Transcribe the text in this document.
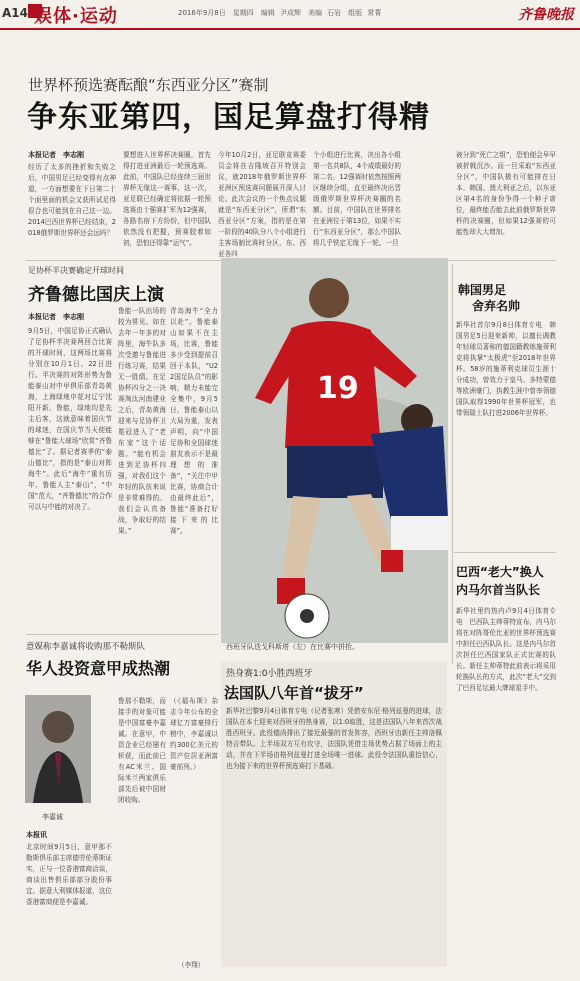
A14 娱体·运动	2016年9月8日　星期四　编辑 尹成辉　美编 石岩　组版 常菁	齐鲁晚报
世界杯预选赛酝酿“东西亚分区”赛制
争东亚第四，国足算盘打得精
本报记者　李志刚
经历了太多的挫折和失败之后，中国男足已经变得有点神道，一方面想要在下日第二十个面里面的机会又获所试足得很合也可能到在自己这一边。2014巴西世界杯已经结束，2018俄罗斯世界杯还会远吗？
要想进入世界杯决赛圈，首先得打进亚洲最后一轮预选赛。此前，中国队已经连续三届世界杯无缘这一赛事，这一次，亚足联已经确定将依据一轮预选赛由十强赛扩军为12强赛，各路名宿下方纷纷，但中国队依然没有把握，预赛胶着如初，恐怕还得靠“运气”。
今年10月2日，亚足联竞赛委员会将在吉隆坡召开特别会议，就2018年俄罗斯世界杯亚洲区预选赛问题展开深入讨论。此次会议的一个焦点议题就是“东西亚分区”，所谓“东西亚分区”方案，指的是在第一阶段的40队分八个小组进行主客场制比赛时分区，东、西亚各四
个小组进行比赛，决出各小组第一名共8队，4个成绩最好的第二名，12强赛时依然按照两区继续分组，直至最终决出晋级俄罗斯世界杯决赛圈的名额。目前，中国队在世界排名在亚洲位于第13位，如果不实行“东西亚分区”，那么中国队将几乎铁定无缘下一轮。一旦
被分到“死亡之组”，恐怕便会早早被折戟沉沙。而一旦采取“东西亚分区”，中国队极有可能排在日本、韩国、澳大利亚之后，以东亚区第4名的身份争得一个种子席位，最终能否能去此前俄罗斯世界杯的决赛圈，但如果12强赛的可能性却大大增加。
足协杯半决赛确定开球时间
齐鲁德比国庆上演
本报记者　李志刚
9月5日，中国足协正式确认了足协杯半决赛两回合比赛的开球时间，这两场比赛将分别在10月1日、22日进行。半决赛的对阵形势为鲁能泰山对中甲俱乐部青岛黄海，上海绿地申花对辽宁沈阳开新。鲁能，绿地均是先主后客，这就意味着国庆节的球迷，在国庆节当天便能够在“鲁能大球场”欣赏“齐鲁德比”了。据记者赛季的“泰山德比”，指的是“泰山对阵海牛”。此后“海牛”重有历年，鲁能人主“泰山”，“中国”范大，“齐鲁德比”的合作可以与中能的对决了。
鲁能一队出场的较为常见。如在去年一年多的对阵里，海牛队多次受邀与鲁能进行练习赛，结果无一胜绩。在足协杯四分之一决赛淘汰河南建业之后，青岛黄海迎来与足协杯卫冕冠进入了“老东家”这个话题。“能有机会进到足协杯四强，对我们这个年轻的队伍来说是非常难得的。我们会认真备战，争取好的结果。”
青岛海牛“全力以赴”。鲁能泰山如果不在主场，比赛，鲁能多少受到提前召回于本队，“U22国足队员”的影响，精力未能完全集中，9月5日，鲁能泰山以大局为重，发表声明，向“中国足协和全国球迷朋友表示不是最理想的准备”，“关注中甲比赛，协商合计由最终此后”，鲁能“准备打好接下来的比赛”。
19
西班牙队迭戈科斯塔（左）在比赛中拼抢。
韩国男足
舍弃名帅
新华社首尔9月8日体育专电　韩国男足5日迎来新帅，以擅长调教年轻球员著称的德国籍教练施蒂利克将执掌“太极虎”至2018年世界杯。58岁的施蒂利克球员生涯十分成功，曾效力于皇马、多特蒙德等欧洲豪门，执教生涯中曾率领德国队取得1990年世界杯冠军，也带领瑞士队打进2006年世界杯。
巴西“老大”换人
内马尔首当队长
新华社里约热内卢9月4日体育专电　巴西队主帅蒂特宣布，内马尔将在对阵哥伦比亚的世界杯预选赛中担任巴西队队长。这是内马尔首次担任巴西国家队正式比赛的队长。新任主帅蒂特此前表示将采用轮换队长的方式，此次“老大”交到了巴西足坛最大牌球星手中。
意媒称李嘉诚将收购那不勒斯队
华人投资意甲成热潮
李嘉诚
本报讯
北京时间9月5日，意甲那不勒斯俱乐部主席德劳伦蒂斯证实，正与一位香港富商洽谈，商谈出售俱乐部部分股份事宜。据意大利媒体报道，这位香港富商便是李嘉诚。
鲁那不勒斯，而接手的对象可能是中国富豪李嘉诚。在意甲，中资企业已经屡有斩获，而此前已有AC米兰、国际米兰两家俱乐部先后被中国财团收购。
（《福布斯》杂志今年公布的全球亿万富豪排行榜中，李嘉诚以约300亿美元的资产位居亚洲富豪前列。）
（李翔）
热身赛1:0小胜西班牙
法国队八年首“拔牙”
新华社巴黎9月4日体育专电（记者张寒）凭借安东尼·格列兹曼的进球，法国队在本土迎来对西班牙的热身赛，以1:0取胜，这是法国队八年来首次战胜西班牙。此役德尚排出了接近最强的首发阵容，西班牙由新任主帅洛佩特吉带队。上半场双方互有攻守，法国队凭借主场优势占据了场面上的主动，并在下半场由格列兹曼打进全场唯一进球。此役令法国队重拾信心，也为接下来的世界杯预选赛打下基础。
